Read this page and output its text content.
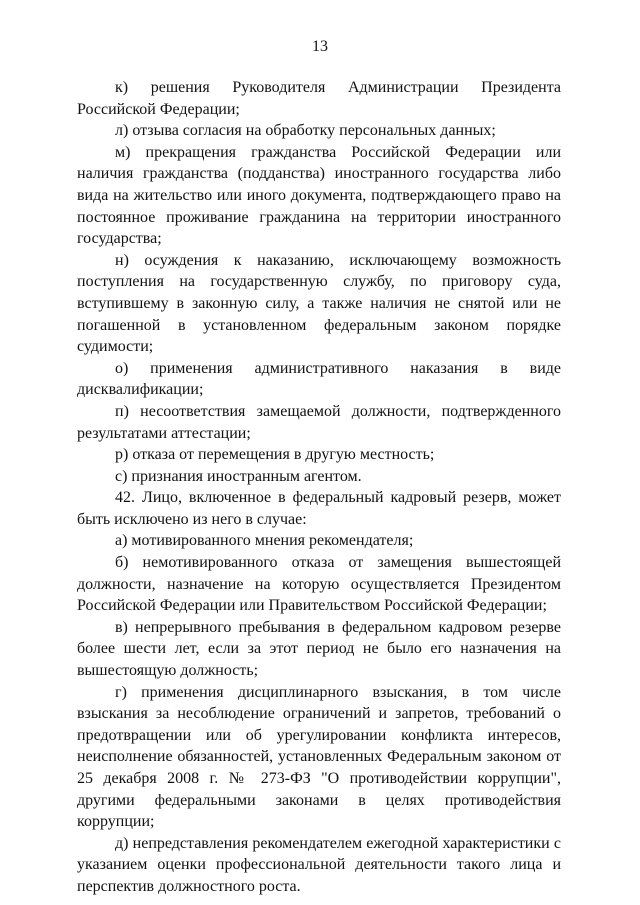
13

к) решения Руководителя Администрации Президента Российской Федерации;

л) отзыва согласия на обработку персональных данных;

м) прекращения гражданства Российской Федерации или наличия гражданства (подданства) иностранного государства либо вида на жительство или иного документа, подтверждающего право на постоянное проживание гражданина на территории иностранного государства;

н) осуждения к наказанию, исключающему возможность поступления на государственную службу, по приговору суда, вступившему в законную силу, а также наличия не снятой или не погашенной в установленном федеральным законом порядке судимости;

о) применения административного наказания в виде дисквалификации;

п) несоответствия замещаемой должности, подтвержденного результатами аттестации;

р) отказа от перемещения в другую местность;

с) признания иностранным агентом.

42. Лицо, включенное в федеральный кадровый резерв, может быть исключено из него в случае:

а) мотивированного мнения рекомендателя;

б) немотивированного отказа от замещения вышестоящей должности, назначение на которую осуществляется Президентом Российской Федерации или Правительством Российской Федерации;

в) непрерывного пребывания в федеральном кадровом резерве более шести лет, если за этот период не было его назначения на вышестоящую должность;

г) применения дисциплинарного взыскания, в том числе взыскания за несоблюдение ограничений и запретов, требований о предотвращении или об урегулировании конфликта интересов, неисполнение обязанностей, установленных Федеральным законом от 25 декабря 2008 г. № 273-ФЗ "О противодействии коррупции", другими федеральными законами в целях противодействия коррупции;

д) непредставления рекомендателем ежегодной характеристики с указанием оценки профессиональной деятельности такого лица и перспектив должностного роста.
